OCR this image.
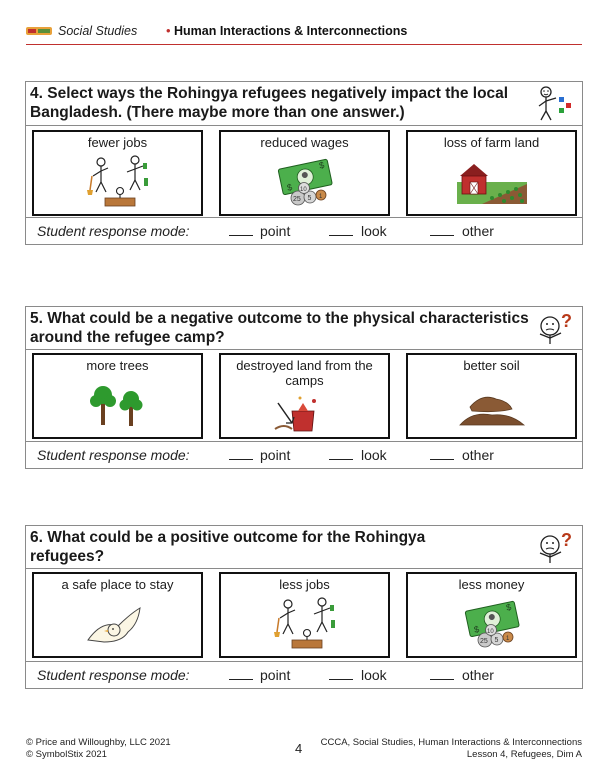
Social Studies • Human Interactions & Interconnections
4. Select ways the Rohingya refugees negatively impact the local Bangladesh. (There maybe more than one answer.)
fewer jobs	reduced wages
$
$
25 5 1
10
loss of farm land
Student response mode:	point	look	other
5. What could be a negative outcome to the physical characteristics around the refugee camp?
?
more trees	destroyed land from the camps
better soil
Student response mode:	point	look	other
6. What could be a positive outcome for the Rohingya refugees?
?
a safe place to stay	less jobs	less money
$
$
25 5 1
10
Student response mode:	point	look	other
© Price and Willoughby, LLC 2021
© SymbolStix 2021	4 CCCA, Social Studies, Human Interactions & Interconnections
Lesson 4, Refugees, Dim A
